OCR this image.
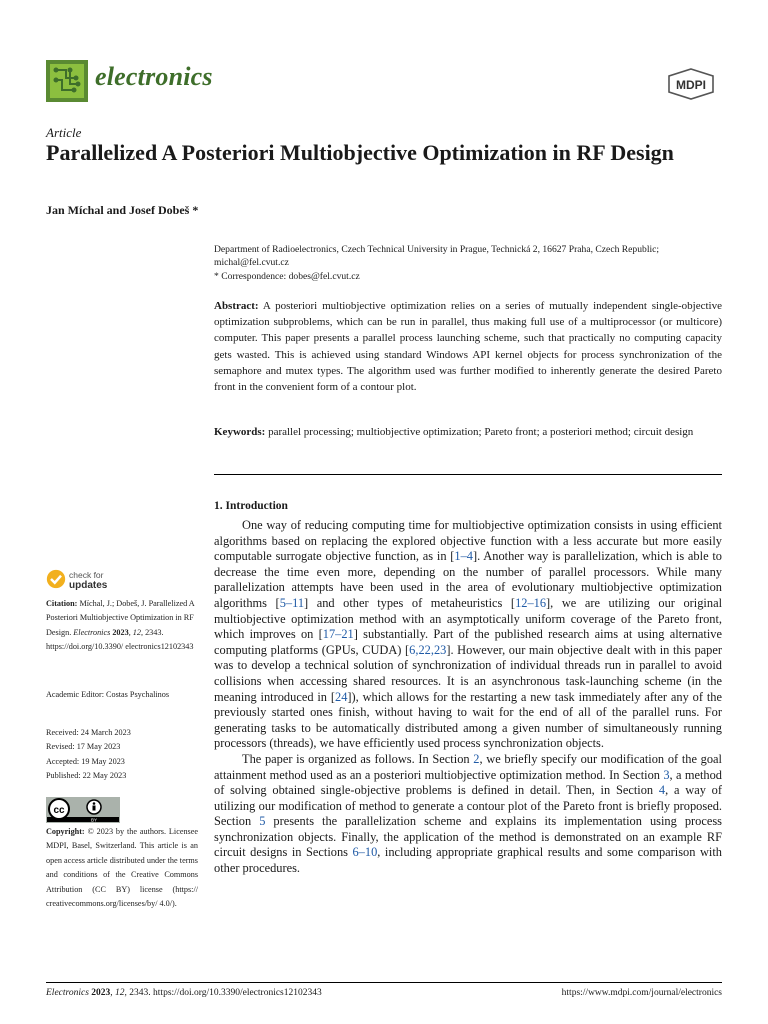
electronics	MDPI
Article
Parallelized A Posteriori Multiobjective Optimization in RF Design
Jan Míchal and Josef Dobeš *
Department of Radioelectronics, Czech Technical University in Prague, Technická 2, 16627 Praha, Czech Republic;
michal@fel.cvut.cz
* Correspondence: dobes@fel.cvut.cz
Abstract: A posteriori multiobjective optimization relies on a series of mutually independent single-objective optimization subproblems, which can be run in parallel, thus making full use of a multiprocessor (or multicore) computer. This paper presents a parallel process launching scheme, such that practically no computing capacity gets wasted. This is achieved using standard Windows API kernel objects for process synchronization of the semaphore and mutex types. The algorithm used was further modified to inherently generate the desired Pareto front in the convenient form of a contour plot.
Keywords: parallel processing; multiobjective optimization; Pareto front; a posteriori method; circuit design
1. Introduction

One way of reducing computing time for multiobjective optimization consists in using efficient algorithms based on replacing the explored objective function with a less accurate but more easily computable surrogate objective function, as in [1–4]. Another way is parallelization, which is able to decrease the time even more, depending on the number of parallel processors. While many parallelization attempts have been used in the area of evolutionary multiobjective optimization algorithms [5–11] and other types of metaheuristics [12–16], we are utilizing our original multiobjective optimization method with an asymptotically uniform coverage of the Pareto front, which improves on [17–21] substantially. Part of the published research aims at using alternative computing platforms (GPUs, CUDA) [6,22,23]. However, our main objective dealt with in this paper was to develop a technical solution of synchronization of individual threads run in parallel to avoid collisions when accessing shared resources. It is an asynchronous task-launching scheme (in the meaning introduced in [24]), which allows for the restarting a new task immediately after any of the previously started ones finish, without having to wait for the end of all of the parallel runs. For generating tasks to be automatically distributed among a given number of simultaneously running processors (threads), we have efficiently used process synchronization objects.

The paper is organized as follows. In Section 2, we briefly specify our modification of the goal attainment method used as an a posteriori multiobjective optimization method. In Section 3, a method of solving obtained single-objective problems is defined in detail. Then, in Section 4, a way of utilizing our modification of method to generate a contour plot of the Pareto front is briefly proposed. Section 5 presents the parallelization scheme and explains its implementation using process synchronization objects. Finally, the application of the method is demonstrated on an example RF circuit designs in Sections 6–10, including appropriate graphical results and some comparison with other procedures.

check for
updates
Citation: Míchal, J.; Dobeš, J. Parallelized A Posteriori Multiobjective Optimization in RF Design. Electronics 2023, 12, 2343. https://doi.org/10.3390/ electronics12102343
Academic Editor: Costas Psychalinos
Received: 24 March 2023
Revised: 17 May 2023
Accepted: 19 May 2023
Published: 22 May 2023
cc
BY
Copyright: © 2023 by the authors. Licensee MDPI, Basel, Switzerland. This article is an open access article distributed under the terms and conditions of the Creative Commons Attribution (CC BY) license (https:// creativecommons.org/licenses/by/ 4.0/).
Electronics 2023, 12, 2343. https://doi.org/10.3390/electronics12102343	https://www.mdpi.com/journal/electronics
